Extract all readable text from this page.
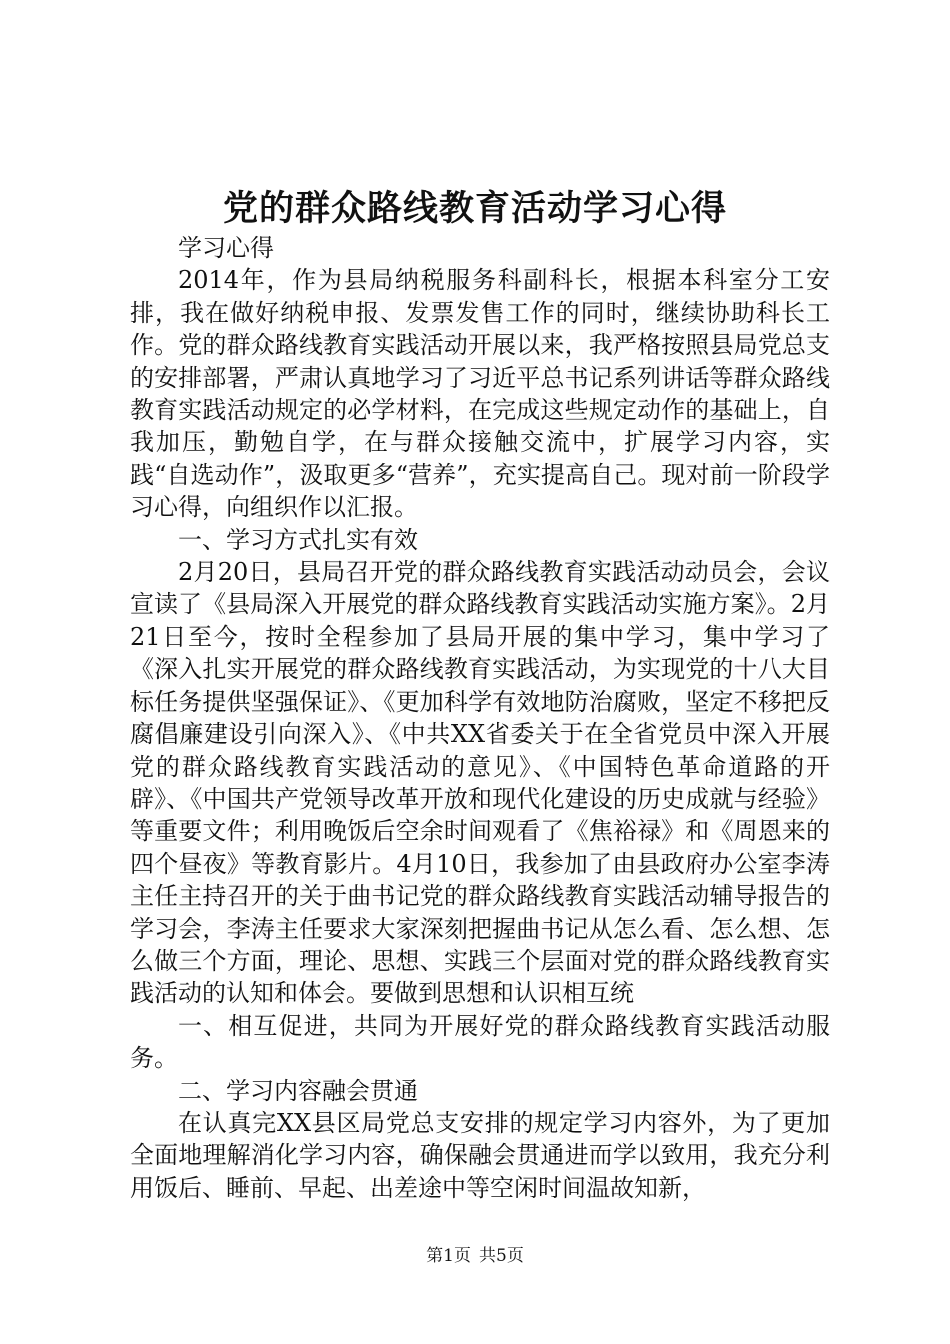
党的群众路线教育活动学习心得

学习心得

2014年，作为县局纳税服务科副科长，根据本科室分工安排，我在做好纳税申报、发票发售工作的同时，继续协助科长工作。党的群众路线教育实践活动开展以来，我严格按照县局党总支的安排部署，严肃认真地学习了习近平总书记系列讲话等群众路线教育实践活动规定的必学材料，在完成这些规定动作的基础上，自我加压，勤勉自学，在与群众接触交流中，扩展学习内容，实践“自选动作”，汲取更多“营养”，充实提高自己。现对前一阶段学习心得，向组织作以汇报。

一、学习方式扎实有效

2月20日，县局召开党的群众路线教育实践活动动员会，会议宣读了《县局深入开展党的群众路线教育实践活动实施方案》。2月21日至今，按时全程参加了县局开展的集中学习，集中学习了《深入扎实开展党的群众路线教育实践活动，为实现党的十八大目标任务提供坚强保证》、《更加科学有效地防治腐败，坚定不移把反腐倡廉建设引向深入》、《中共XX省委关于在全省党员中深入开展党的群众路线教育实践活动的意见》、《中国特色革命道路的开辟》、《中国共产党领导改革开放和现代化建设的历史成就与经验》等重要文件；利用晚饭后空余时间观看了《焦裕禄》和《周恩来的四个昼夜》等教育影片。4月10日，我参加了由县政府办公室李涛主任主持召开的关于曲书记党的群众路线教育实践活动辅导报告的学习会，李涛主任要求大家深刻把握曲书记从怎么看、怎么想、怎么做三个方面，理论、思想、实践三个层面对党的群众路线教育实践活动的认知和体会。要做到思想和认识相互统

一、相互促进，共同为开展好党的群众路线教育实践活动服务。

二、学习内容融会贯通

在认真完XX县区局党总支安排的规定学习内容外，为了更加全面地理解消化学习内容，确保融会贯通进而学以致用，我充分利用饭后、睡前、早起、出差途中等空闲时间温故知新，

第1页 共5页
